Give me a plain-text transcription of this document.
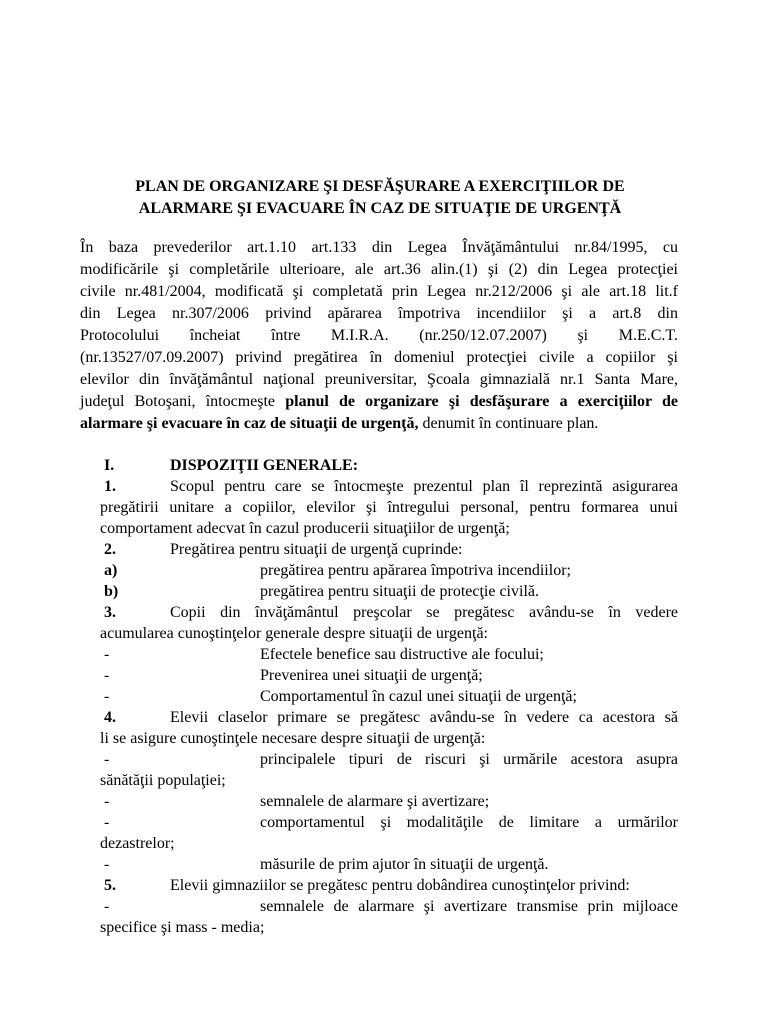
PLAN DE ORGANIZARE ŞI DESFĂŞURARE A EXERCIŢIILOR DE
ALARMARE ŞI EVACUARE ÎN CAZ DE SITUAŢIE DE URGENŢĂ
În baza prevederilor art.1.10 art.133 din Legea Învăţământului nr.84/1995, cu
modificările şi completările ulterioare, ale art.36 alin.(1) şi (2) din Legea protecţiei
civile nr.481/2004, modificată şi completată prin Legea nr.212/2006 şi ale art.18 lit.f
din Legea nr.307/2006 privind apărarea împotriva incendiilor şi a art.8 din
Protocolului încheiat între M.I.R.A. (nr.250/12.07.2007) şi M.E.C.T.
(nr.13527/07.09.2007) privind pregătirea în domeniul protecţiei civile a copiilor şi
elevilor din învăţământul naţional preuniversitar, Şcoala gimnazială nr.1 Santa Mare,
judeţul Botoşani, întocmeşte planul de organizare şi desfăşurare a exerciţiilor de
alarmare şi evacuare în caz de situaţii de urgenţă, denumit în continuare plan.
I.	DISPOZIŢII GENERALE:
1.	Scopul pentru care se întocmeşte prezentul plan îl reprezintă asigurarea
pregătirii unitare a copiilor, elevilor şi întregului personal, pentru formarea unui
comportament adecvat în cazul producerii situaţiilor de urgenţă;
2.	Pregătirea pentru situaţii de urgenţă cuprinde:
a)	pregătirea pentru apărarea împotriva incendiilor;
b)	pregătirea pentru situaţii de protecţie civilă.
3.	Copii din învăţământul preşcolar se pregătesc avându-se în vedere
acumularea cunoştinţelor generale despre situaţii de urgenţă:
-	Efectele benefice sau distructive ale focului;
-	Prevenirea unei situaţii de urgenţă;
-	Comportamentul în cazul unei situaţii de urgenţă;
4.	Elevii claselor primare se pregătesc avându-se în vedere ca acestora să
li se asigure cunoştinţele necesare despre situaţii de urgenţă:
-	principalele tipuri de riscuri şi urmările acestora asupra
sănătăţii populaţiei;
-	semnalele de alarmare şi avertizare;
-	comportamentul şi modalităţile de limitare a urmărilor
dezastrelor;
-	măsurile de prim ajutor în situaţii de urgenţă.
5.	Elevii gimnaziilor se pregătesc pentru dobândirea cunoştinţelor privind:
-	semnalele de alarmare şi avertizare transmise prin mijloace
specifice şi mass - media;
